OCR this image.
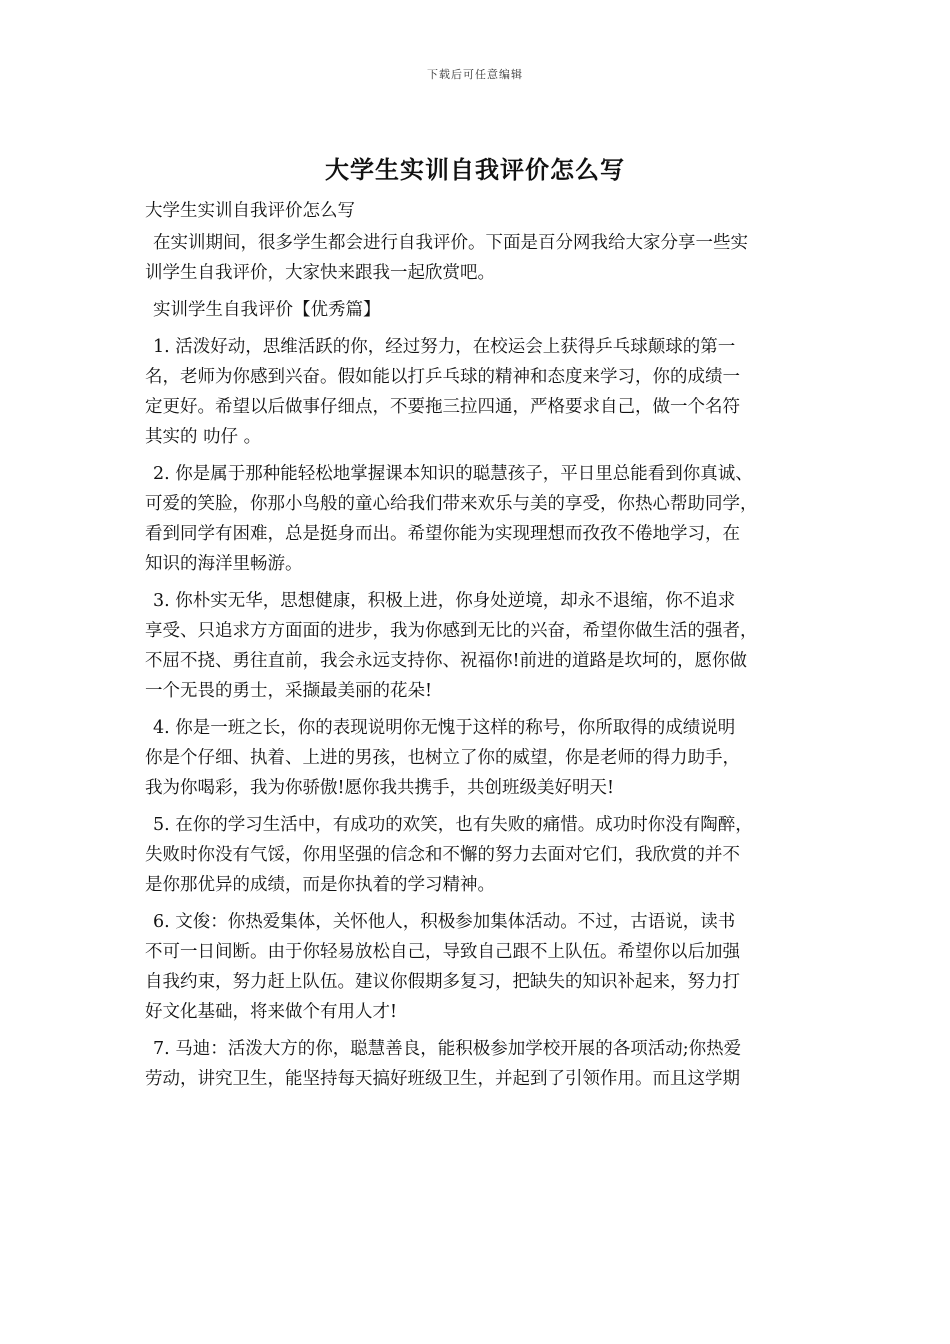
下载后可任意编辑
大学生实训自我评价怎么写

大学生实训自我评价怎么写

在实训期间，很多学生都会进行自我评价。下面是百分网我给大家分享一些实

训学生自我评价，大家快来跟我一起欣赏吧。

实训学生自我评价【优秀篇】

1. 活泼好动，思维活跃的你，经过努力，在校运会上获得乒乓球颠球的第一

名，老师为你感到兴奋。假如能以打乒乓球的精神和态度来学习，你的成绩一

定更好。希望以后做事仔细点，不要拖三拉四通，严格要求自己，做一个名符

其实的 叻仔 。

2. 你是属于那种能轻松地掌握课本知识的聪慧孩子，平日里总能看到你真诚、

可爱的笑脸，你那小鸟般的童心给我们带来欢乐与美的享受，你热心帮助同学，

看到同学有困难，总是挺身而出。希望你能为实现理想而孜孜不倦地学习，在

知识的海洋里畅游。

3. 你朴实无华，思想健康，积极上进，你身处逆境，却永不退缩，你不追求

享受、只追求方方面面的进步，我为你感到无比的兴奋，希望你做生活的强者，

不屈不挠、勇往直前，我会永远支持你、祝福你!前进的道路是坎坷的，愿你做

一个无畏的勇士，采撷最美丽的花朵!

4. 你是一班之长，你的表现说明你无愧于这样的称号，你所取得的成绩说明

你是个仔细、执着、上进的男孩，也树立了你的威望，你是老师的得力助手，

我为你喝彩，我为你骄傲!愿你我共携手，共创班级美好明天!

5. 在你的学习生活中，有成功的欢笑，也有失败的痛惜。成功时你没有陶醉，

失败时你没有气馁，你用坚强的信念和不懈的努力去面对它们，我欣赏的并不

是你那优异的成绩，而是你执着的学习精神。

6. 文俊：你热爱集体，关怀他人，积极参加集体活动。不过，古语说，读书

不可一日间断。由于你轻易放松自己，导致自己跟不上队伍。希望你以后加强

自我约束，努力赶上队伍。建议你假期多复习，把缺失的知识补起来，努力打

好文化基础，将来做个有用人才!

7. 马迪：活泼大方的你，聪慧善良，能积极参加学校开展的各项活动;你热爱

劳动，讲究卫生，能坚持每天搞好班级卫生，并起到了引领作用。而且这学期
